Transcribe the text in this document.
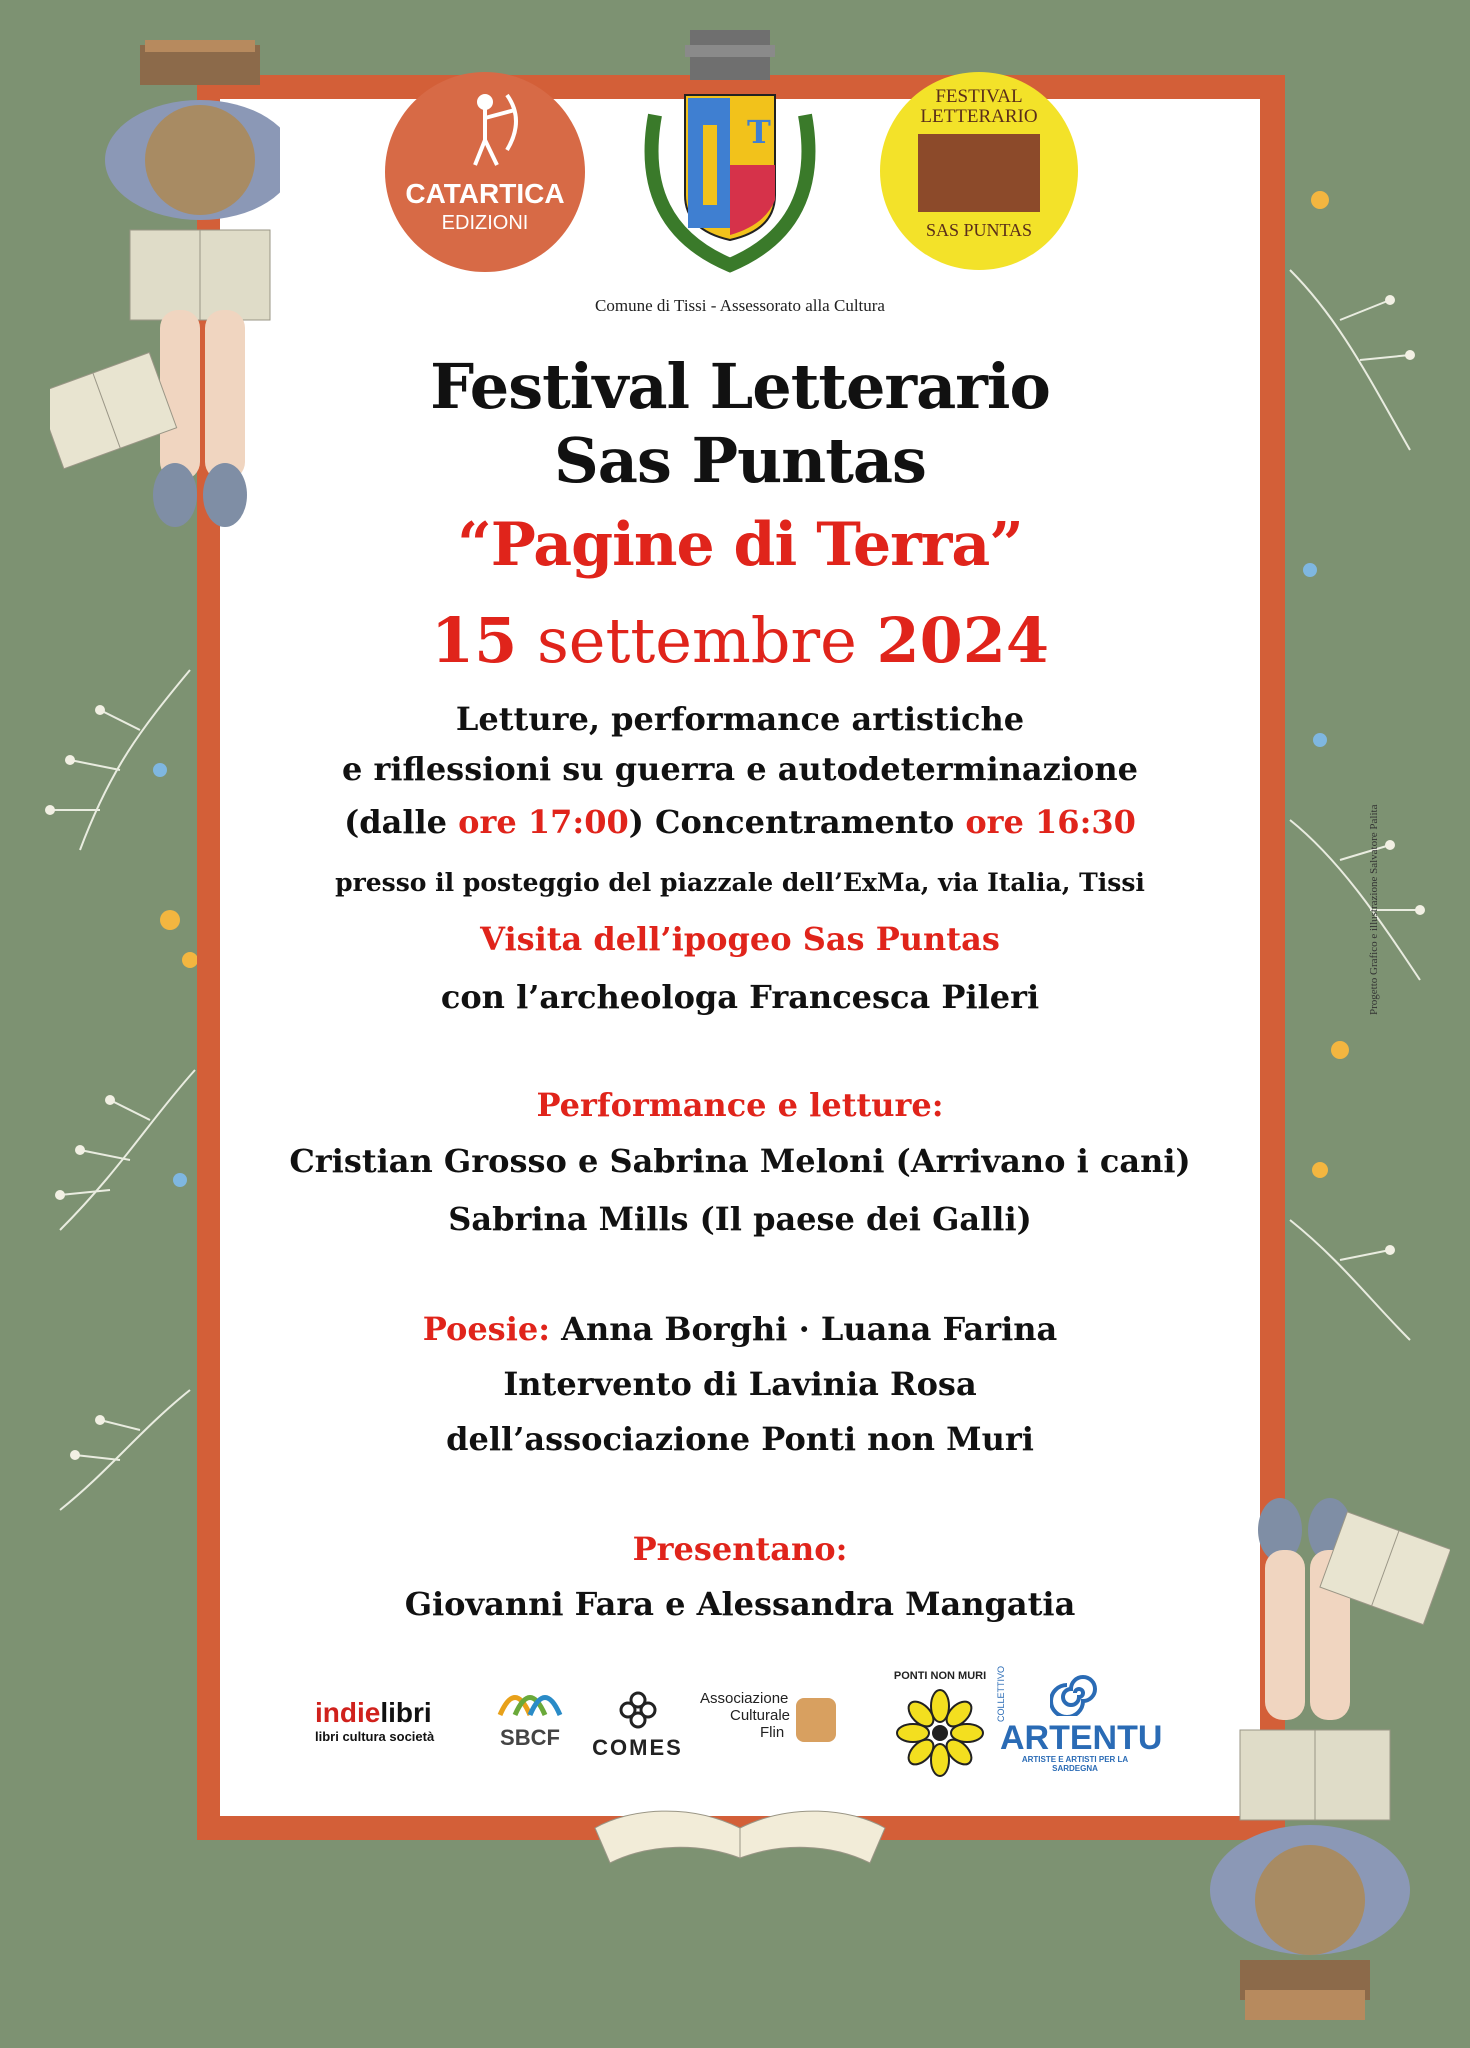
CATARTICA
EDIZIONI
T
FESTIVAL
LETTERARIO
SAS PUNTAS
Comune di Tissi - Assessorato alla Cultura
Festival Letterario
Sas Puntas
“Pagine di Terra”
15 settembre 2024
Letture, performance artistiche
e riflessioni su guerra e autodeterminazione
(dalle ore 17:00) Concentramento ore 16:30
presso il posteggio del piazzale dell’ExMa, via Italia, Tissi
Visita dell’ipogeo Sas Puntas
con l’archeologa Francesca Pileri
Performance e letture:
Cristian Grosso e Sabrina Meloni (Arrivano i cani)
Sabrina Mills (Il paese dei Galli)
Poesie: Anna Borghi · Luana Farina
Intervento di Lavinia Rosa
dell’associazione Ponti non Muri
Presentano:
Giovanni Fara e Alessandra Mangatia
Progetto Grafico e illustrazione Salvatore Palita
indielibri
libri cultura società	SBCF	COMES
Associazione
Culturale
Flin
PONTI NON MURI	COLLETTIVO
ARTENTU
ARTISTE E ARTISTI PER LA SARDEGNA
